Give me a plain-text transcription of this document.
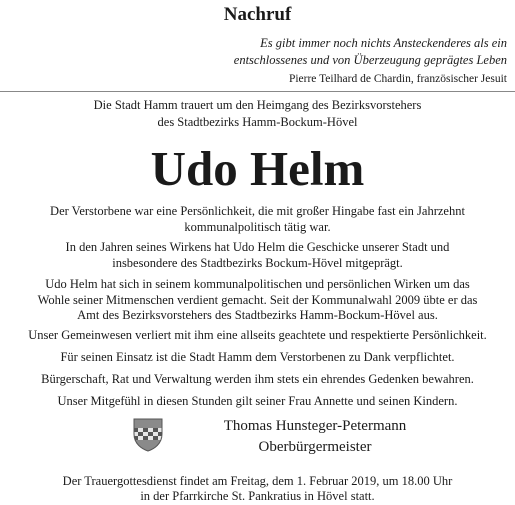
Nachruf
Es gibt immer noch nichts Ansteckenderes als ein
entschlossenes und von Überzeugung geprägtes Leben
Pierre Teilhard de Chardin, französischer Jesuit
Die Stadt Hamm trauert um den Heimgang des Bezirksvorstehers
des Stadtbezirks Hamm-Bockum-Hövel
Udo Helm
Der Verstorbene war eine Persönlichkeit, die mit großer Hingabe fast ein Jahrzehnt
kommunalpolitisch tätig war.
In den Jahren seines Wirkens hat Udo Helm die Geschicke unserer Stadt und
insbesondere des Stadtbezirks Bockum-Hövel mitgeprägt.
Udo Helm hat sich in seinem kommunalpolitischen und persönlichen Wirken um das
Wohle seiner Mitmenschen verdient gemacht. Seit der Kommunalwahl 2009 übte er das
Amt des Bezirksvorstehers des Stadtbezirks Hamm-Bockum-Hövel aus.
Unser Gemeinwesen verliert mit ihm eine allseits geachtete und respektierte Persönlichkeit.
Für seinen Einsatz ist die Stadt Hamm dem Verstorbenen zu Dank verpflichtet.
Bürgerschaft, Rat und Verwaltung werden ihm stets ein ehrendes Gedenken bewahren.
Unser Mitgefühl in diesen Stunden gilt seiner Frau Annette und seinen Kindern.
Thomas Hunsteger-Petermann
Oberbürgermeister
Der Trauergottesdienst findet am Freitag, dem 1. Februar 2019, um 18.00 Uhr
in der Pfarrkirche St. Pankratius in Hövel statt.
